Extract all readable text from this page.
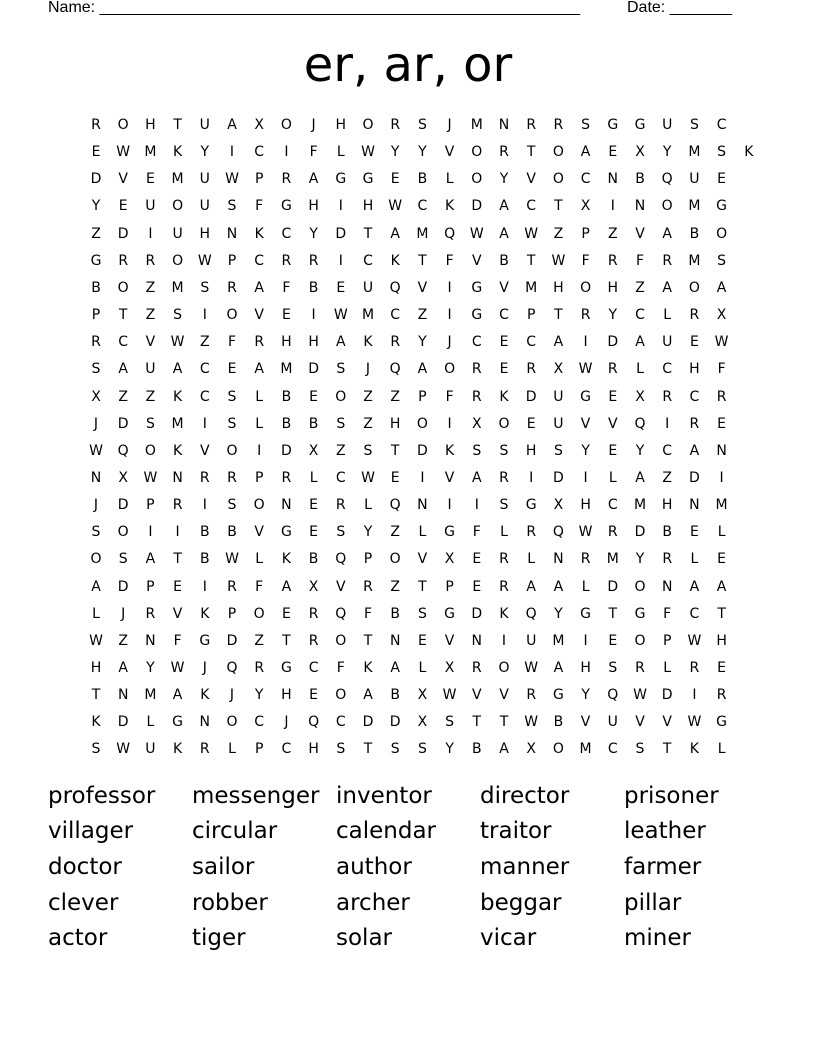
Name: ______________________________________________________	Date: _______
er, ar, or
R	O	H	T	U	A	X	O	J	H	O	R	S	J	M	N	R	R	S	G	G	U	S	C
E	W M	K	Y	I	C	I	F	L	W	Y	Y	V	O	R	T	O	A	E	X	Y	M	S	K
D	V	E	M	U	W	P	R	A	G	G	E	B	L	O	Y	V	O	C	N	B	Q	U	E
Y	E	U	O	U	S	F	G	H	I	H	W	C	K	D	A	C	T	X	I	N	O	M	G
Z	D	I	U	H	N	K	C	Y	D	T	A	M	Q	W	A	W	Z	P	Z	V	A	B	O
G	R	R	O	W	P	C	R	R	I	C	K	T	F	V	B	T	W	F	R	F	R	M	S
B	O	Z	M	S	R	A	F	B	E	U	Q	V	I	G	V	M	H	O	H	Z	A	O	A
P	T	Z	S	I	O	V	E	I	W M	C	Z	I	G	C	P	T	R	Y	C	L	R	X
R	C	V	W	Z	F	R	H	H	A	K	R	Y	J	C	E	C	A	I	D	A	U	E	W
S	A	U	A	C	E	A	M	D	S	J	Q	A	O	R	E	R	X	W	R	L	C	H	F
X	Z	Z	K	C	S	L	B	E	O	Z	Z	P	F	R	K	D	U	G	E	X	R	C	R
J	D	S	M	I	S	L	B	B	S	Z	H	O	I	X	O	E	U	V	V	Q	I	R	E
W	Q	O	K	V	O	I	D	X	Z	S	T	D	K	S	S	H	S	Y	E	Y	C	A	N
N	X	W	N	R	R	P	R	L	C	W	E	I	V	A	R	I	D	I	L	A	Z	D	I
J	D	P	R	I	S	O	N	E	R	L	Q	N	I	I	S	G	X	H	C	M	H	N	M
S	O	I	I	B	B	V	G	E	S	Y	Z	L	G	F	L	R	Q	W	R	D	B	E	L
O	S	A	T	B	W	L	K	B	Q	P	O	V	X	E	R	L	N	R	M	Y	R	L	E
A	D	P	E	I	R	F	A	X	V	R	Z	T	P	E	R	A	A	L	D	O	N	A	A
L	J	R	V	K	P	O	E	R	Q	F	B	S	G	D	K	Q	Y	G	T	G	F	C	T
W	Z	N	F	G	D	Z	T	R	O	T	N	E	V	N	I	U	M	I	E	O	P	W	H
H	A	Y	W	J	Q	R	G	C	F	K	A	L	X	R	O	W	A	H	S	R	L	R	E
T	N	M	A	K	J	Y	H	E	O	A	B	X	W	V	V	R	G	Y	Q	W	D	I	R
K	D	L	G	N	O	C	J	Q	C	D	D	X	S	T	T	W	B	V	U	V	V	W	G
S	W	U	K	R	L	P	C	H	S	T	S	S	Y	B	A	X	O	M	C	S	T	K	L
professor messenger inventor director prisoner
villager	circular	calendar traitor	leather
doctor	sailor	author	manner farmer
clever	robber	archer	beggar	pillar
actor	tiger	solar	vicar	miner
